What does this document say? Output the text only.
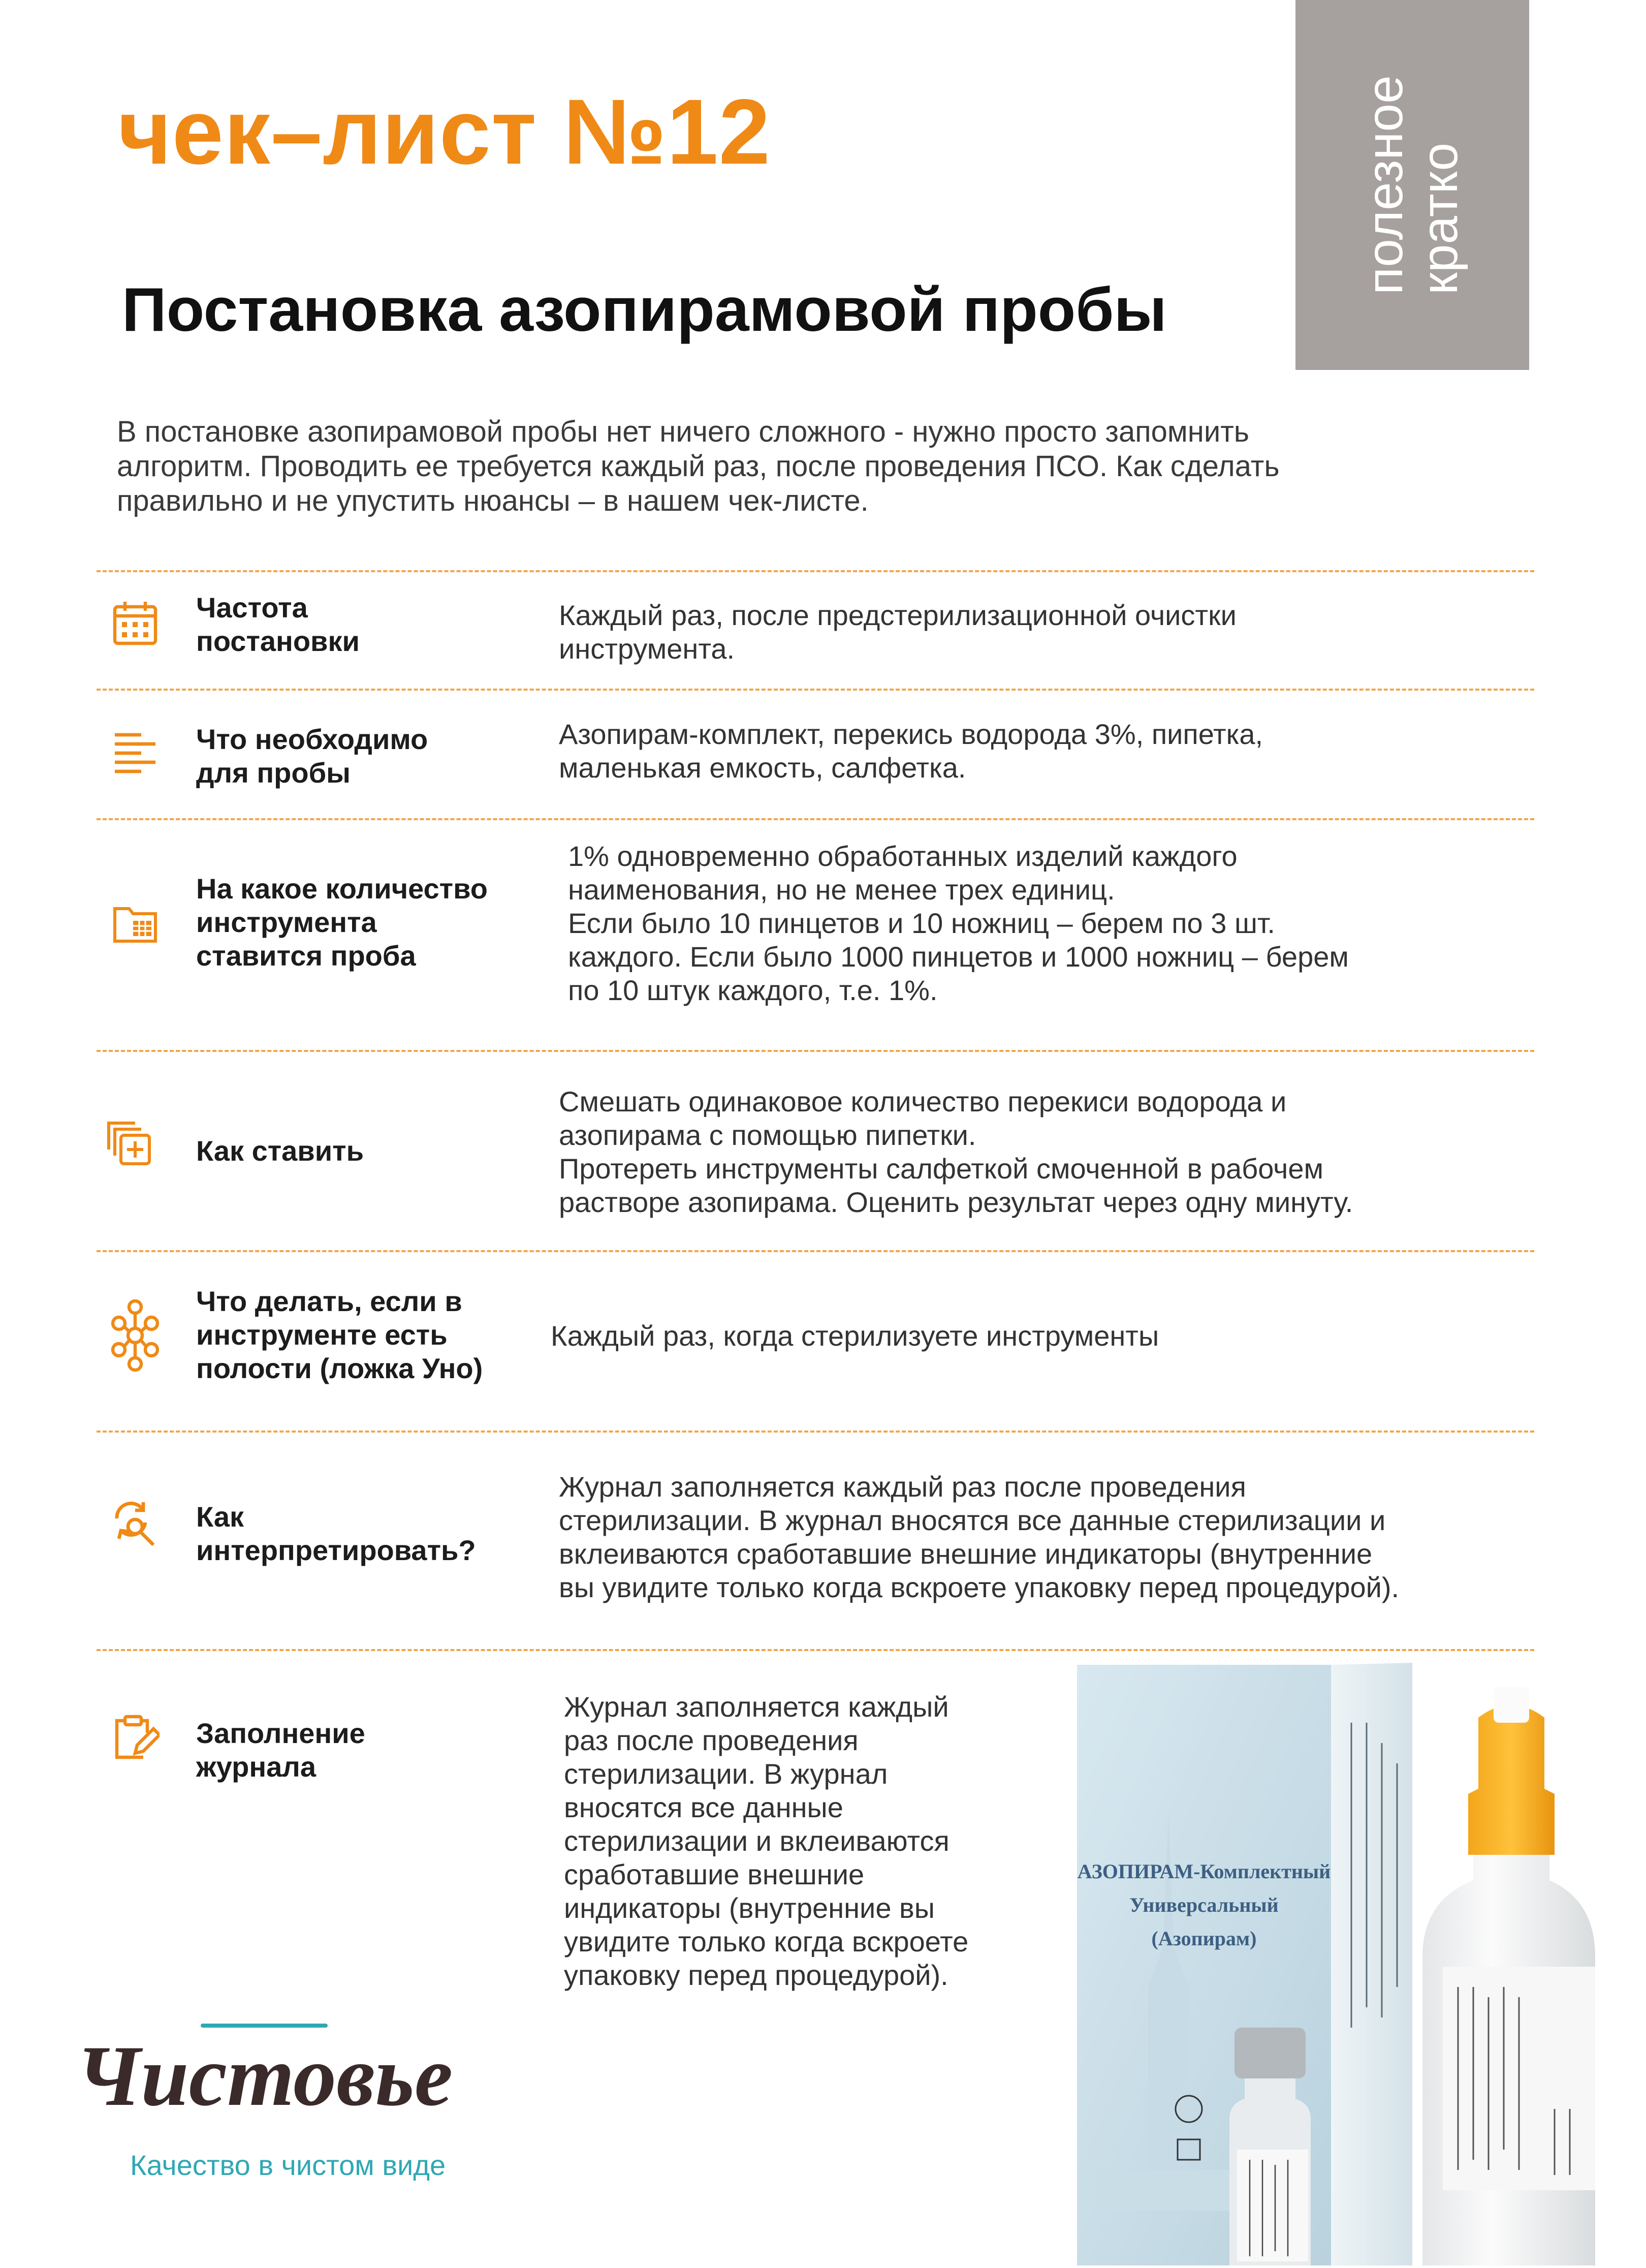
чек–лист №12
Постановка азопирамовой пробы
полезное
кратко
В постановке азопирамовой пробы нет ничего сложного - нужно просто запомнить
алгоритм. Проводить ее требуется каждый раз, после проведения ПСО. Как сделать
правильно и не упустить нюансы – в нашем чек-листе.
Частота
постановки
Каждый раз, после предстерилизационной очистки
инструмента.
Что необходимо
для пробы
Азопирам-комплект, перекись водорода 3%, пипетка,
маленькая емкость, салфетка.
На какое количество
инструмента
ставится проба
1% одновременно обработанных изделий каждого
наименования, но не менее трех единиц.
Если было 10 пинцетов и 10 ножниц – берем по 3 шт.
каждого. Если было 1000 пинцетов и 1000 ножниц – берем
по 10 штук каждого, т.е. 1%.
Как ставить
Смешать одинаковое количество перекиси водорода и
азопирама с помощью пипетки.
Протереть инструменты салфеткой смоченной в рабочем
растворе азопирама. Оценить результат через одну минуту.
Что делать, если в
инструменте есть
полости (ложка Уно)
Каждый раз, когда стерилизуете инструменты
Как
интерпретировать?
Журнал заполняется каждый раз после проведения
стерилизации. В журнал вносятся все данные стерилизации и
вклеиваются сработавшие внешние индикаторы (внутренние
вы увидите только когда вскроете упаковку перед процедурой).
Заполнение
журнала
Журнал заполняется каждый
раз после проведения
стерилизации. В журнал
вносятся все данные
стерилизации и вклеиваются
сработавшие внешние
индикаторы (внутренние вы
увидите только когда вскроете
упаковку перед процедурой).
АЗОПИРАМ-Комплектный
Универсальный
(Азопирам)
Чистовье
Качество в чистом виде
